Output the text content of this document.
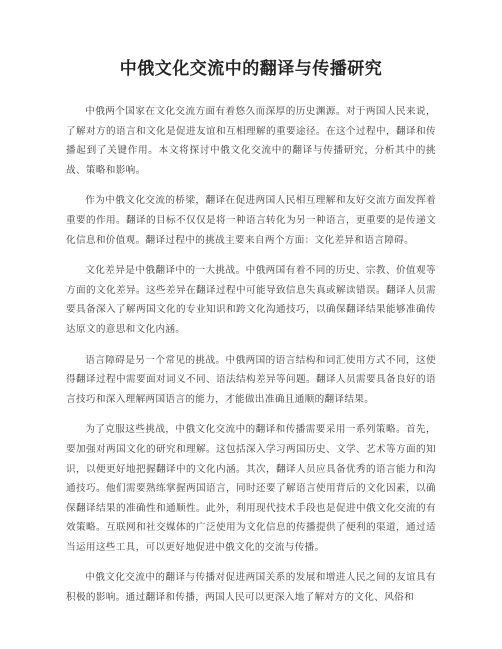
中俄文化交流中的翻译与传播研究

中俄两个国家在文化交流方面有着悠久而深厚的历史渊源。对于两国人民来说，了解对方的语言和文化是促进友谊和互相理解的重要途径。在这个过程中，翻译和传播起到了关键作用。本文将探讨中俄文化交流中的翻译与传播研究，分析其中的挑战、策略和影响。

作为中俄文化交流的桥梁，翻译在促进两国人民相互理解和友好交流方面发挥着重要的作用。翻译的目标不仅仅是将一种语言转化为另一种语言，更重要的是传递文化信息和价值观。翻译过程中的挑战主要来自两个方面：文化差异和语言障碍。

文化差异是中俄翻译中的一大挑战。中俄两国有着不同的历史、宗教、价值观等方面的文化差异。这些差异在翻译过程中可能导致信息失真或解读错误。翻译人员需要具备深入了解两国文化的专业知识和跨文化沟通技巧，以确保翻译结果能够准确传达原文的意思和文化内涵。

语言障碍是另一个常见的挑战。中俄两国的语言结构和词汇使用方式不同，这使得翻译过程中需要面对词义不同、语法结构差异等问题。翻译人员需要具备良好的语言技巧和深入理解两国语言的能力，才能做出准确且通顺的翻译结果。

为了克服这些挑战，中俄文化交流中的翻译和传播需要采用一系列策略。首先，要加强对两国文化的研究和理解。这包括深入学习两国历史、文学、艺术等方面的知识，以便更好地把握翻译中的文化内涵。其次，翻译人员应具备优秀的语言能力和沟通技巧。他们需要熟练掌握两国语言，同时还要了解语言使用背后的文化因素，以确保翻译结果的准确性和通顺性。此外，利用现代技术手段也是促进中俄文化交流的有效策略。互联网和社交媒体的广泛使用为文化信息的传播提供了便利的渠道，通过适当运用这些工具，可以更好地促进中俄文化的交流与传播。

中俄文化交流中的翻译与传播对促进两国关系的发展和增进人民之间的友谊具有积极的影响。通过翻译和传播，两国人民可以更深入地了解对方的文化、风俗和
